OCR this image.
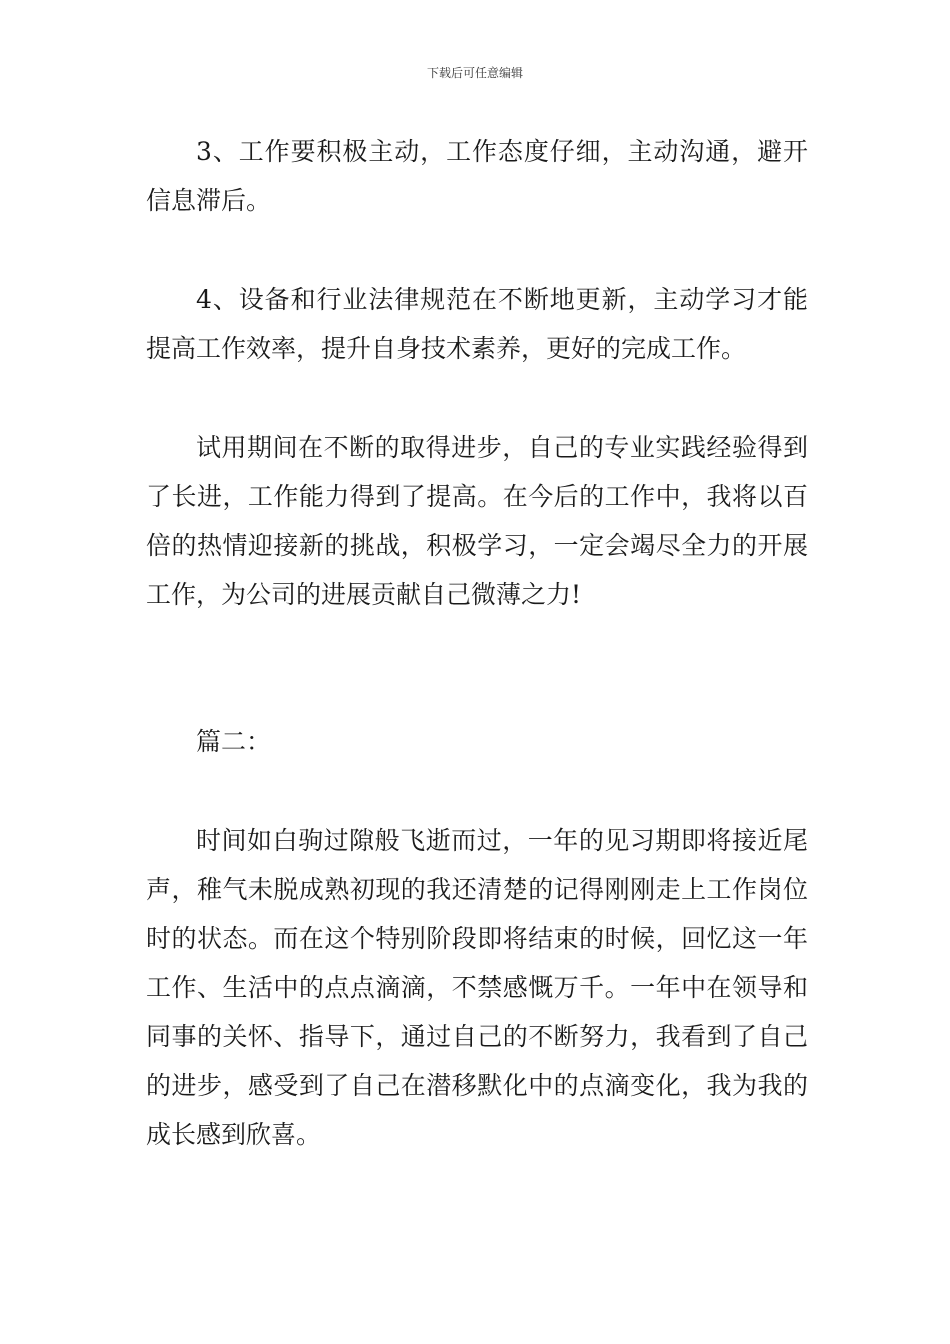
下载后可任意编辑

3、工作要积极主动，工作态度仔细，主动沟通，避开信息滞后。

4、设备和行业法律规范在不断地更新，主动学习才能提高工作效率，提升自身技术素养，更好的完成工作。

试用期间在不断的取得进步，自己的专业实践经验得到了长进，工作能力得到了提高。在今后的工作中，我将以百倍的热情迎接新的挑战，积极学习，一定会竭尽全力的开展工作，为公司的进展贡献自己微薄之力!

篇二：

时间如白驹过隙般飞逝而过，一年的见习期即将接近尾声，稚气未脱成熟初现的我还清楚的记得刚刚走上工作岗位时的状态。而在这个特别阶段即将结束的时候，回忆这一年工作、生活中的点点滴滴，不禁感慨万千。一年中在领导和同事的关怀、指导下，通过自己的不断努力，我看到了自己的进步，感受到了自己在潜移默化中的点滴变化，我为我的成长感到欣喜。
